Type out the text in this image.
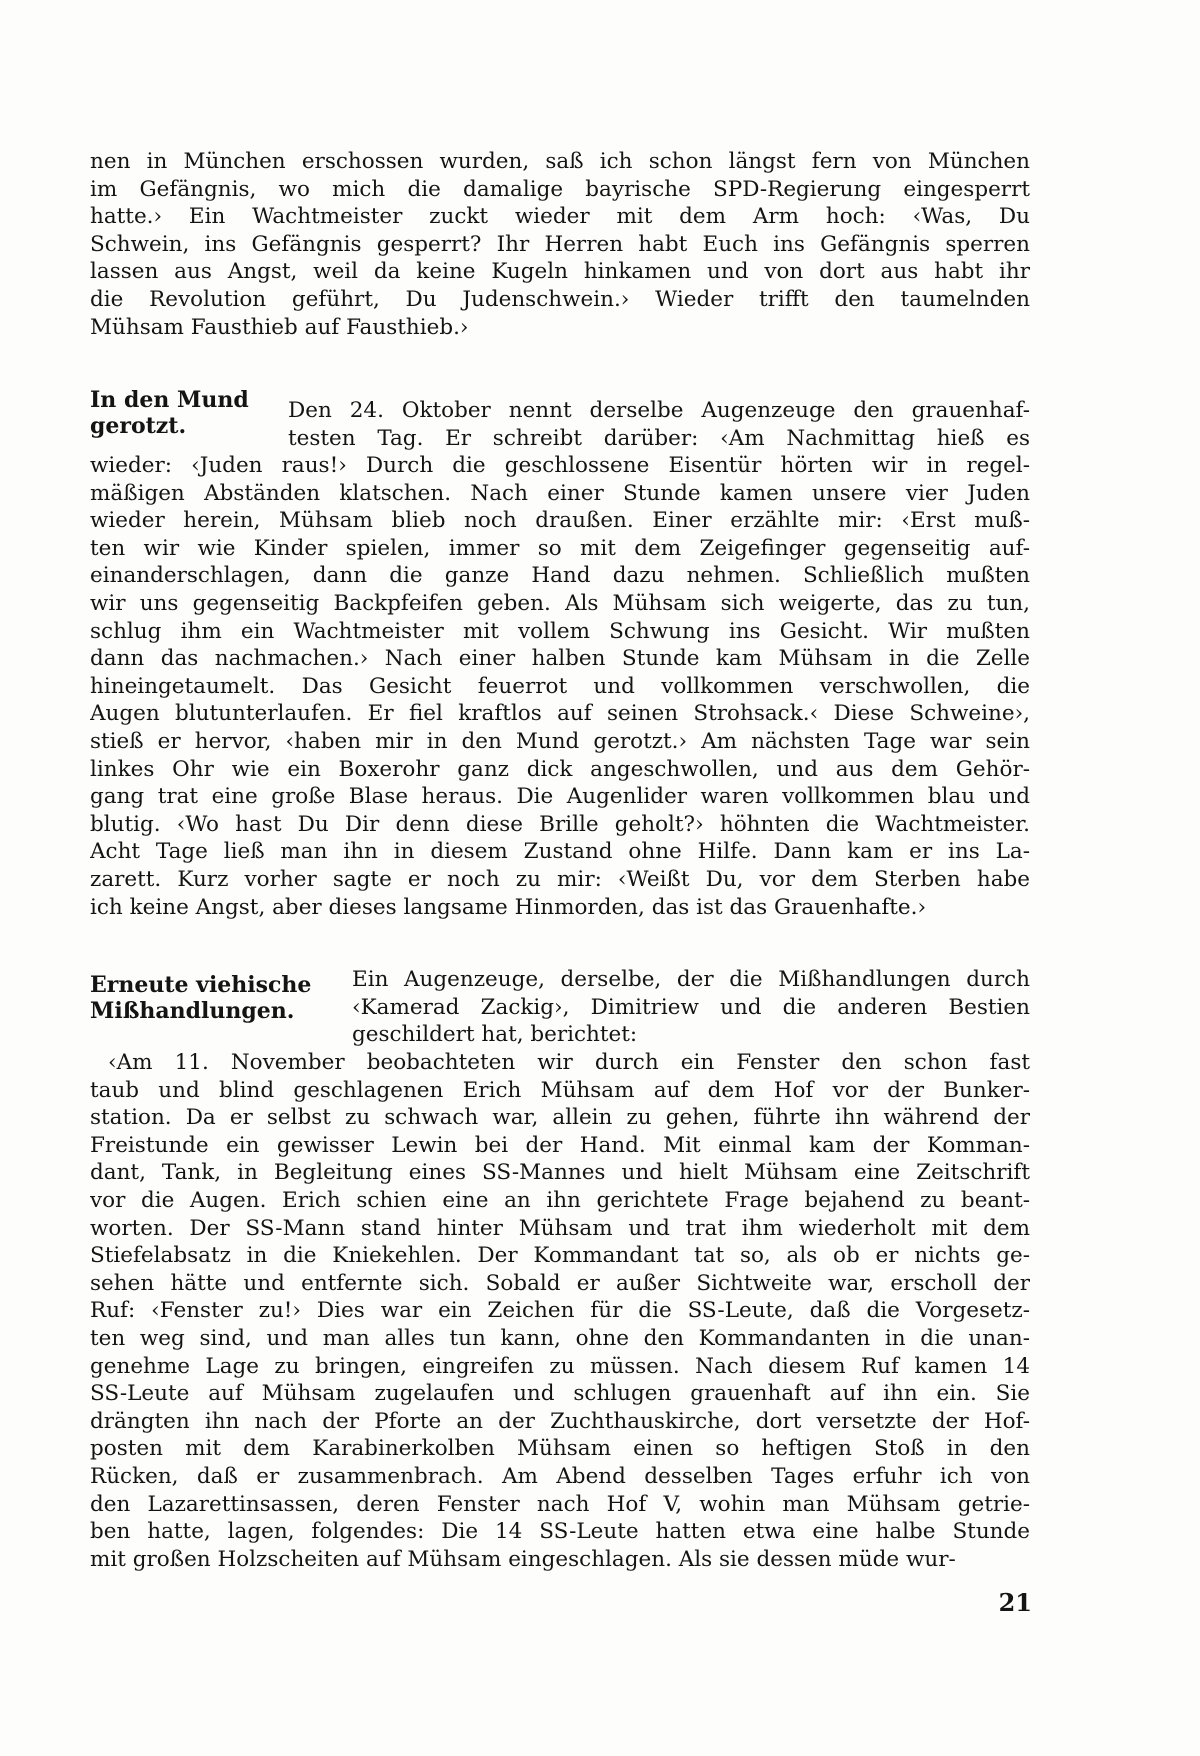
nen in München erschossen wurden, saß ich schon längst fern von München
im Gefängnis, wo mich die damalige bayrische SPD-Regierung eingesperrt
hatte.› Ein Wachtmeister zuckt wieder mit dem Arm hoch: ‹Was, Du
Schwein, ins Gefängnis gesperrt? Ihr Herren habt Euch ins Gefängnis sperren
lassen aus Angst, weil da keine Kugeln hinkamen und von dort aus habt ihr
die Revolution geführt, Du Judenschwein.› Wieder trifft den taumelnden
Mühsam Fausthieb auf Fausthieb.›
In den Mund
gerotzt.
Den 24. Oktober nennt derselbe Augenzeuge den grauenhaf-
testen Tag. Er schreibt darüber: ‹Am Nachmittag hieß es
wieder: ‹Juden raus!› Durch die geschlossene Eisentür hörten wir in regel-
mäßigen Abständen klatschen. Nach einer Stunde kamen unsere vier Juden
wieder herein, Mühsam blieb noch draußen. Einer erzählte mir: ‹Erst muß-
ten wir wie Kinder spielen, immer so mit dem Zeigefinger gegenseitig auf-
einanderschlagen, dann die ganze Hand dazu nehmen. Schließlich mußten
wir uns gegenseitig Backpfeifen geben. Als Mühsam sich weigerte, das zu tun,
schlug ihm ein Wachtmeister mit vollem Schwung ins Gesicht. Wir mußten
dann das nachmachen.› Nach einer halben Stunde kam Mühsam in die Zelle
hineingetaumelt. Das Gesicht feuerrot und vollkommen verschwollen, die
Augen blutunterlaufen. Er fiel kraftlos auf seinen Strohsack.‹ Diese Schweine›,
stieß er hervor, ‹haben mir in den Mund gerotzt.› Am nächsten Tage war sein
linkes Ohr wie ein Boxerohr ganz dick angeschwollen, und aus dem Gehör-
gang trat eine große Blase heraus. Die Augenlider waren vollkommen blau und
blutig. ‹Wo hast Du Dir denn diese Brille geholt?› höhnten die Wachtmeister.
Acht Tage ließ man ihn in diesem Zustand ohne Hilfe. Dann kam er ins La-
zarett. Kurz vorher sagte er noch zu mir: ‹Weißt Du, vor dem Sterben habe
ich keine Angst, aber dieses langsame Hinmorden, das ist das Grauenhafte.›
Erneute viehische
Mißhandlungen.
Ein Augenzeuge, derselbe, der die Mißhandlungen durch
‹Kamerad Zackig›, Dimitriew und die anderen Bestien
geschildert hat, berichtet:
‹Am 11. November beobachteten wir durch ein Fenster den schon fast
taub und blind geschlagenen Erich Mühsam auf dem Hof vor der Bunker-
station. Da er selbst zu schwach war, allein zu gehen, führte ihn während der
Freistunde ein gewisser Lewin bei der Hand. Mit einmal kam der Komman-
dant, Tank, in Begleitung eines SS-Mannes und hielt Mühsam eine Zeitschrift
vor die Augen. Erich schien eine an ihn gerichtete Frage bejahend zu beant-
worten. Der SS-Mann stand hinter Mühsam und trat ihm wiederholt mit dem
Stiefelabsatz in die Kniekehlen. Der Kommandant tat so, als ob er nichts ge-
sehen hätte und entfernte sich. Sobald er außer Sichtweite war, erscholl der
Ruf: ‹Fenster zu!› Dies war ein Zeichen für die SS-Leute, daß die Vorgesetz-
ten weg sind, und man alles tun kann, ohne den Kommandanten in die unan-
genehme Lage zu bringen, eingreifen zu müssen. Nach diesem Ruf kamen 14
SS-Leute auf Mühsam zugelaufen und schlugen grauenhaft auf ihn ein. Sie
drängten ihn nach der Pforte an der Zuchthauskirche, dort versetzte der Hof-
posten mit dem Karabinerkolben Mühsam einen so heftigen Stoß in den
Rücken, daß er zusammenbrach. Am Abend desselben Tages erfuhr ich von
den Lazarettinsassen, deren Fenster nach Hof V, wohin man Mühsam getrie-
ben hatte, lagen, folgendes: Die 14 SS-Leute hatten etwa eine halbe Stunde
mit großen Holzscheiten auf Mühsam eingeschlagen. Als sie dessen müde wur-
21
